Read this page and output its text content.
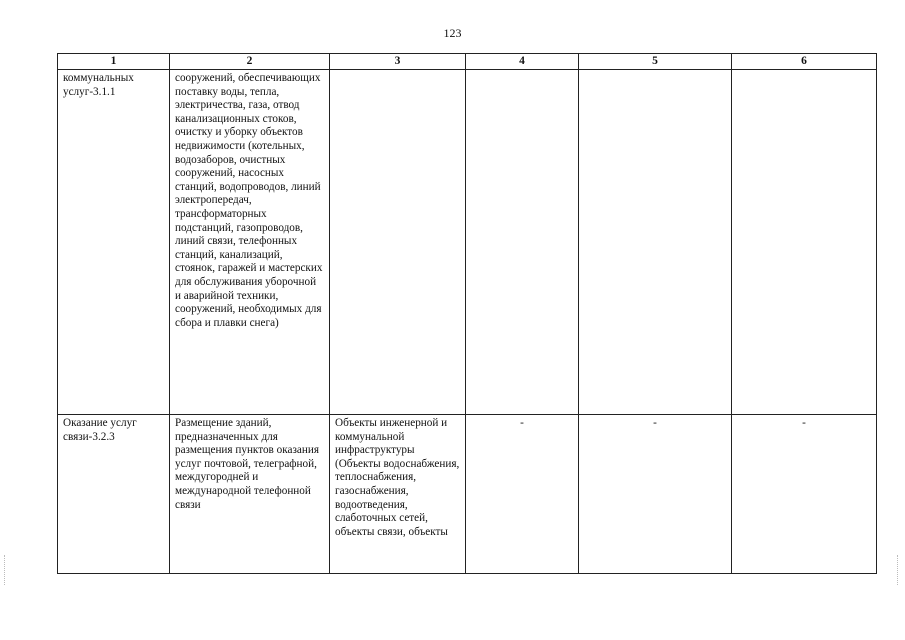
123
1	2	3	4	5	6
коммунальных услуг-3.1.1	сооружений, обеспечивающих поставку воды, тепла, электричества, газа, отвод канализационных стоков, очистку и уборку объектов недвижимости (котельных, водозаборов, очистных сооружений, насосных станций, водопроводов, линий электропередач, трансформаторных подстанций, газопроводов, линий связи, телефонных станций, канализаций, стоянок, гаражей и мастерских для обслуживания уборочной и аварийной техники, сооружений, необходимых для сбора и плавки снега)				
Оказание услуг связи-3.2.3	Размещение зданий, предназначенных для размещения пунктов оказания услуг почтовой, телеграфной, междугородней и международной телефонной связи	Объекты инженерной и коммунальной инфраструктуры (Объекты водоснабжения, теплоснабжения, газоснабжения, водоотведения, слаботочных сетей, объекты связи, объекты	-	-	-
